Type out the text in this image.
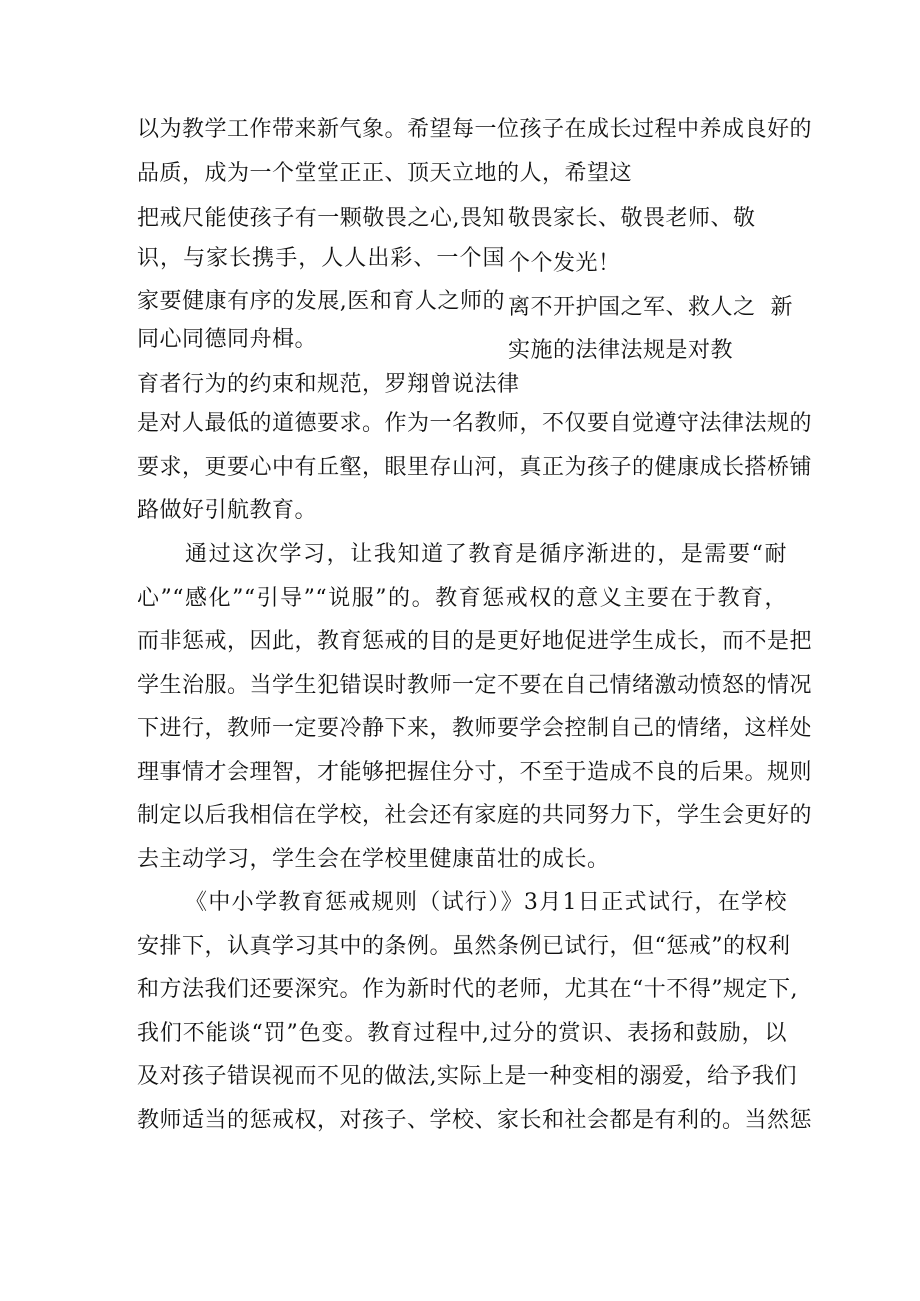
以为教学工作带来新气象。希望每一位孩子在成长过程中养成良好的
品质，成为一个堂堂正正、顶天立地的人，希望这
把戒尺能使孩子有一颗敬畏之心,畏知
识，与家长携手，人人出彩、一个国
家要健康有序的发展,医和育人之师的
同心同德同舟楫。
育者行为的约束和规范，罗翔曾说法律
敬畏家长、敬畏老师、敬
个个发光！
离不开护国之军、救人之  新
实施的法律法规是对教
是对人最低的道德要求。作为一名教师，不仅要自觉遵守法律法规的
要求，更要心中有丘壑，眼里存山河，真正为孩子的健康成长搭桥铺
路做好引航教育。
通过这次学习，让我知道了教育是循序渐进的，是需要“耐
心”“感化”“引导”“说服”的。教育惩戒权的意义主要在于教育，
而非惩戒，因此，教育惩戒的目的是更好地促进学生成长，而不是把
学生治服。当学生犯错误时教师一定不要在自己情绪激动愤怒的情况
下进行，教师一定要冷静下来，教师要学会控制自己的情绪，这样处
理事情才会理智，才能够把握住分寸，不至于造成不良的后果。规则
制定以后我相信在学校，社会还有家庭的共同努力下，学生会更好的
去主动学习，学生会在学校里健康苗壮的成长。
《中小学教育惩戒规则（试行）》3月1日正式试行，在学校
安排下，认真学习其中的条例。虽然条例已试行，但“惩戒”的权利
和方法我们还要深究。作为新时代的老师，尤其在“十不得”规定下,
我们不能谈“罚”色变。教育过程中,过分的赏识、表扬和鼓励，以
及对孩子错误视而不见的做法,实际上是一种变相的溺爱，给予我们
教师适当的惩戒权，对孩子、学校、家长和社会都是有利的。当然惩
